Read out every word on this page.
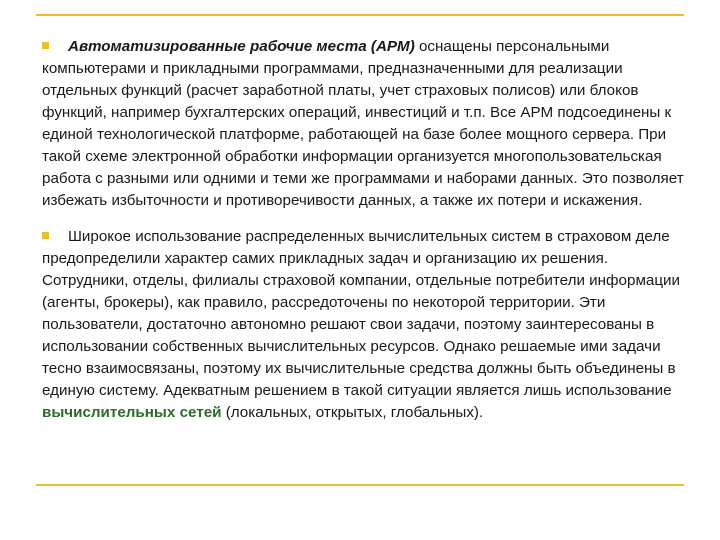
Автоматизированные рабочие места (АРМ) оснащены персональными компьютерами и прикладными программами, предназначенными для реализации отдельных функций (расчет заработной платы, учет страховых полисов) или блоков функций, например бухгалтерских операций, инвестиций и т.п. Все АРМ подсоединены к единой технологической платформе, работающей на базе более мощного сервера. При такой схеме электронной обработки информации организуется многопользовательская работа с разными или одними и теми же программами и наборами данных. Это позволяет избежать избыточности и противоречивости данных, а также их потери и искажения.

Широкое использование распределенных вычислительных систем в страховом деле предопределили характер самих прикладных задач и организацию их решения. Сотрудники, отделы, филиалы страховой компании, отдельные потребители информации (агенты, брокеры), как правило, рассредоточены по некоторой территории. Эти пользователи, достаточно автономно решают свои задачи, поэтому заинтересованы в использовании собственных вычислительных ресурсов. Однако решаемые ими задачи тесно взаимосвязаны, поэтому их вычислительные средства должны быть объединены в единую систему. Адекватным решением в такой ситуации является лишь использование вычислительных сетей (локальных, открытых, глобальных).
